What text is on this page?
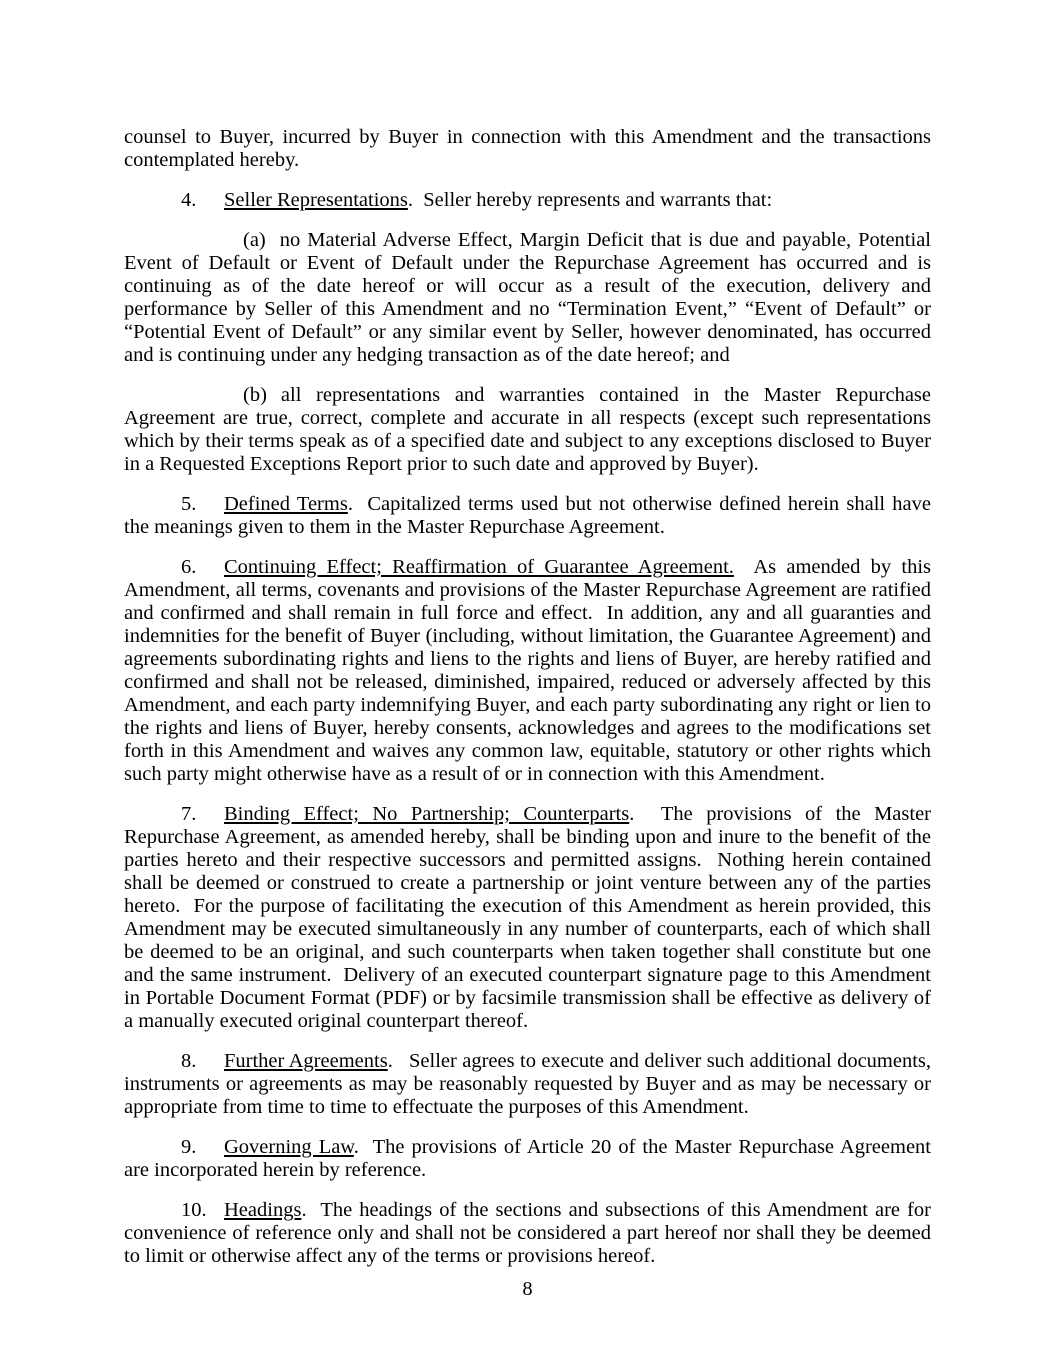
counsel to Buyer, incurred by Buyer in connection with this Amendment and the transactions contemplated hereby.

4. Seller Representations.  Seller hereby represents and warrants that:

(a) no Material Adverse Effect, Margin Deficit that is due and payable, Potential Event of Default or Event of Default under the Repurchase Agreement has occurred and is continuing as of the date hereof or will occur as a result of the execution, delivery and performance by Seller of this Amendment and no “Termination Event,” “Event of Default” or “Potential Event of Default” or any similar event by Seller, however denominated, has occurred and is continuing under any hedging transaction as of the date hereof; and

(b) all representations and warranties contained in the Master Repurchase Agreement are true, correct, complete and accurate in all respects (except such representations which by their terms speak as of a specified date and subject to any exceptions disclosed to Buyer in a Requested Exceptions Report prior to such date and approved by Buyer).

5. Defined Terms.  Capitalized terms used but not otherwise defined herein shall have the meanings given to them in the Master Repurchase Agreement.

6. Continuing Effect; Reaffirmation of Guarantee Agreement.  As amended by this Amendment, all terms, covenants and provisions of the Master Repurchase Agreement are ratified and confirmed and shall remain in full force and effect.  In addition, any and all guaranties and indemnities for the benefit of Buyer (including, without limitation, the Guarantee Agreement) and agreements subordinating rights and liens to the rights and liens of Buyer, are hereby ratified and confirmed and shall not be released, diminished, impaired, reduced or adversely affected by this Amendment, and each party indemnifying Buyer, and each party subordinating any right or lien to the rights and liens of Buyer, hereby consents, acknowledges and agrees to the modifications set forth in this Amendment and waives any common law, equitable, statutory or other rights which such party might otherwise have as a result of or in connection with this Amendment.

7. Binding Effect; No Partnership; Counterparts.  The provisions of the Master Repurchase Agreement, as amended hereby, shall be binding upon and inure to the benefit of the parties hereto and their respective successors and permitted assigns.  Nothing herein contained shall be deemed or construed to create a partnership or joint venture between any of the parties hereto.  For the purpose of facilitating the execution of this Amendment as herein provided, this Amendment may be executed simultaneously in any number of counterparts, each of which shall be deemed to be an original, and such counterparts when taken together shall constitute but one and the same instrument.  Delivery of an executed counterpart signature page to this Amendment in Portable Document Format (PDF) or by facsimile transmission shall be effective as delivery of a manually executed original counterpart thereof.

8. Further Agreements.   Seller agrees to execute and deliver such additional documents, instruments or agreements as may be reasonably requested by Buyer and as may be necessary or appropriate from time to time to effectuate the purposes of this Amendment.

9. Governing Law.  The provisions of Article 20 of the Master Repurchase Agreement are incorporated herein by reference.

10. Headings.  The headings of the sections and subsections of this Amendment are for convenience of reference only and shall not be considered a part hereof nor shall they be deemed to limit or otherwise affect any of the terms or provisions hereof.

8
